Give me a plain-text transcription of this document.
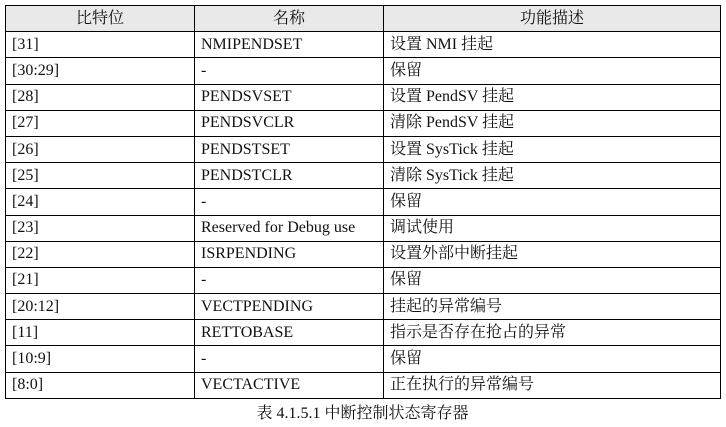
比特位	名称	功能描述
[31]	NMIPENDSET	设置 NMI 挂起
[30:29]	-	保留
[28]	PENDSVSET	设置 PendSV 挂起
[27]	PENDSVCLR	清除 PendSV 挂起
[26]	PENDSTSET	设置 SysTick 挂起
[25]	PENDSTCLR	清除 SysTick 挂起
[24]	-	保留
[23]	Reserved for Debug use	调试使用
[22]	ISRPENDING	设置外部中断挂起
[21]	-	保留
[20:12]	VECTPENDING	挂起的异常编号
[11]	RETTOBASE	指示是否存在抢占的异常
[10:9]	-	保留
[8:0]	VECTACTIVE	正在执行的异常编号
表 4.1.5.1 中断控制状态寄存器
